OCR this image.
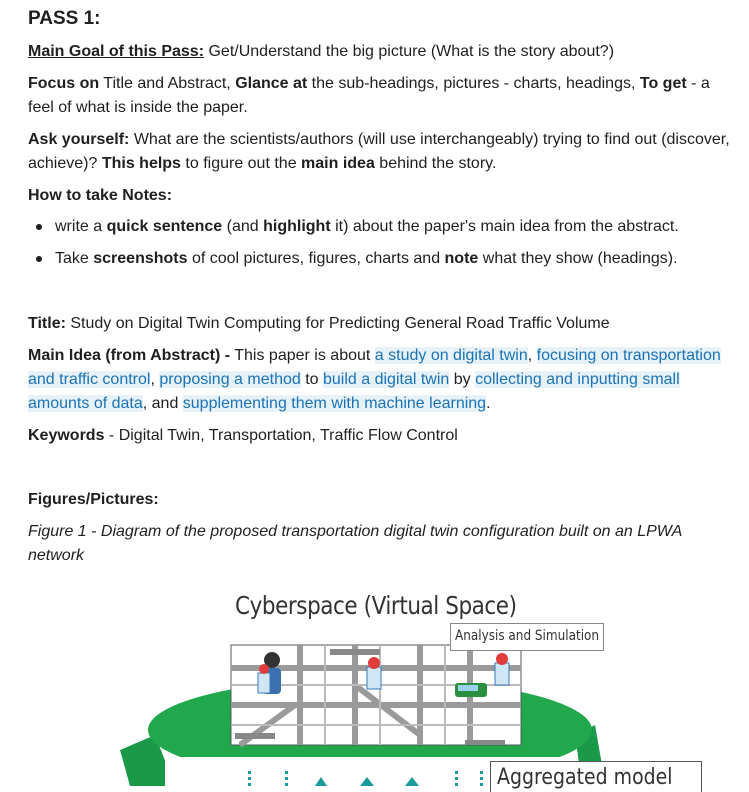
PASS 1:
Main Goal of this Pass: Get/Understand the big picture (What is the story about?)
Focus on Title and Abstract, Glance at the sub-headings, pictures - charts, headings, To get - a feel of what is inside the paper.
Ask yourself: What are the scientists/authors (will use interchangeably) trying to find out (discover, achieve)? This helps to figure out the main idea behind the story.
How to take Notes:
write a quick sentence (and highlight it) about the paper's main idea from the abstract.
Take screenshots of cool pictures, figures, charts and note what they show (headings).
Title: Study on Digital Twin Computing for Predicting General Road Traffic Volume
Main Idea (from Abstract) - This paper is about a study on digital twin, focusing on transportation and traffic control, proposing a method to build a digital twin by collecting and inputting small amounts of data, and supplementing them with machine learning.
Keywords - Digital Twin, Transportation, Traffic Flow Control
Figures/Pictures:
Figure 1 - Diagram of the proposed transportation digital twin configuration built on an LPWA network
Cyberspace (Virtual Space)
Analysis and Simulation
Aggregated model
